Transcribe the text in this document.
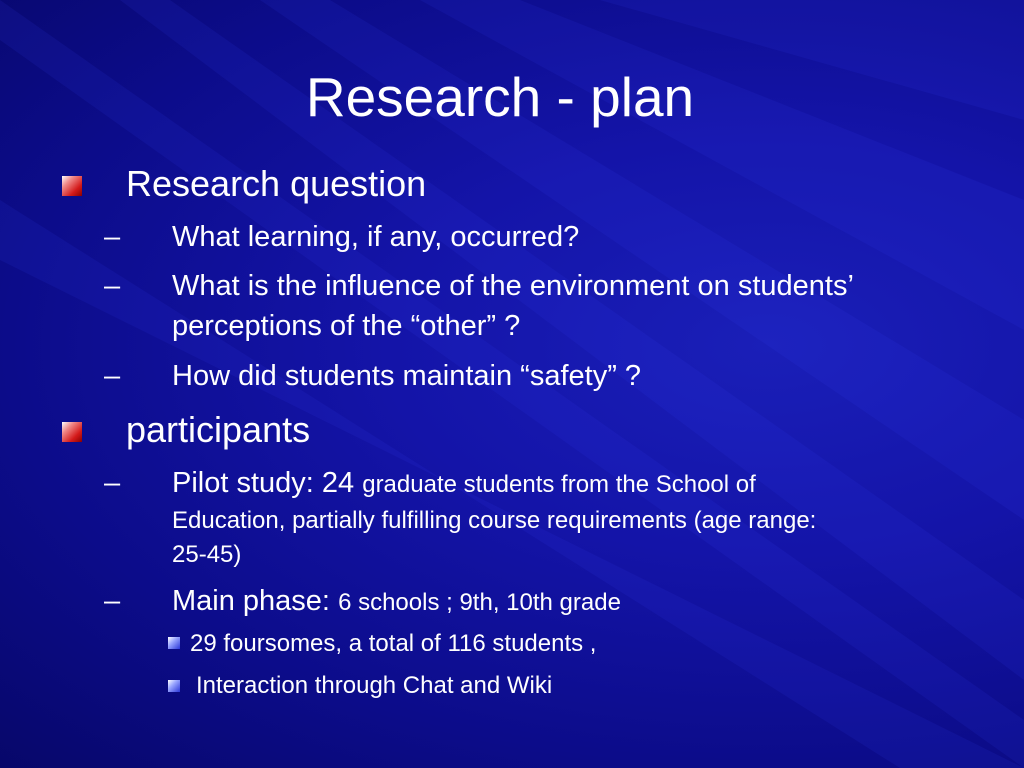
Research - plan
Research question
– What learning, if any, occurred?
– What is the influence of the environment on students’
perceptions of the “other” ?
– How did students maintain “safety” ?
participants
– Pilot study: 24 graduate students from the School of
Education, partially fulfilling course requirements (age range:
25-45)
– Main phase: 6 schools ; 9th, 10th grade
29 foursomes, a total of 116 students ,
Interaction through Chat and Wiki
